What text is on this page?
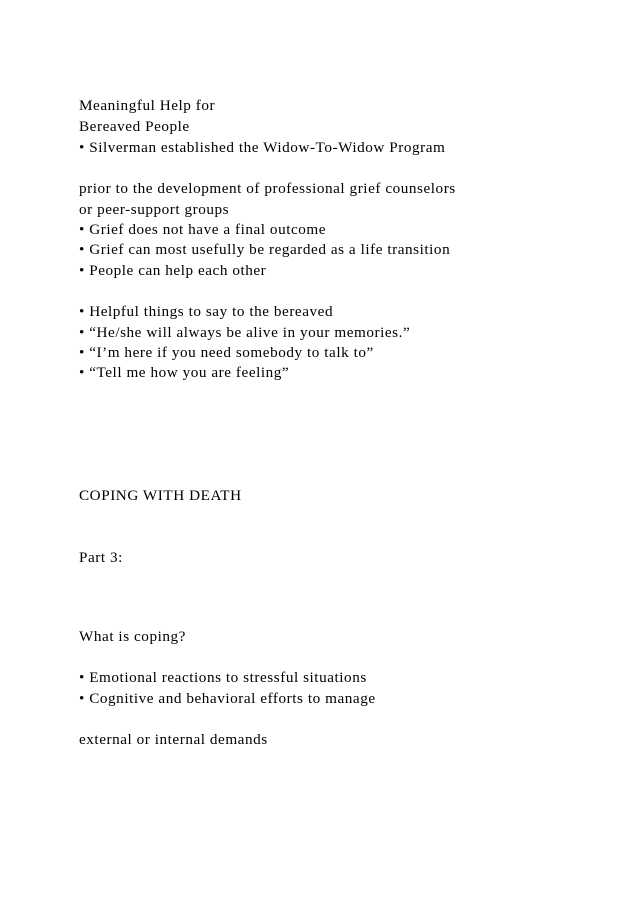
Meaningful Help for
Bereaved People
• Silverman established the Widow-To-Widow Program
prior to the development of professional grief counselors
or peer-support groups
• Grief does not have a final outcome
• Grief can most usefully be regarded as a life transition
• People can help each other
• Helpful things to say to the bereaved
• “He/she will always be alive in your memories.”
• “I’m here if you need somebody to talk to”
• “Tell me how you are feeling”
COPING WITH DEATH
Part 3:
What is coping?
• Emotional reactions to stressful situations
• Cognitive and behavioral efforts to manage
external or internal demands
